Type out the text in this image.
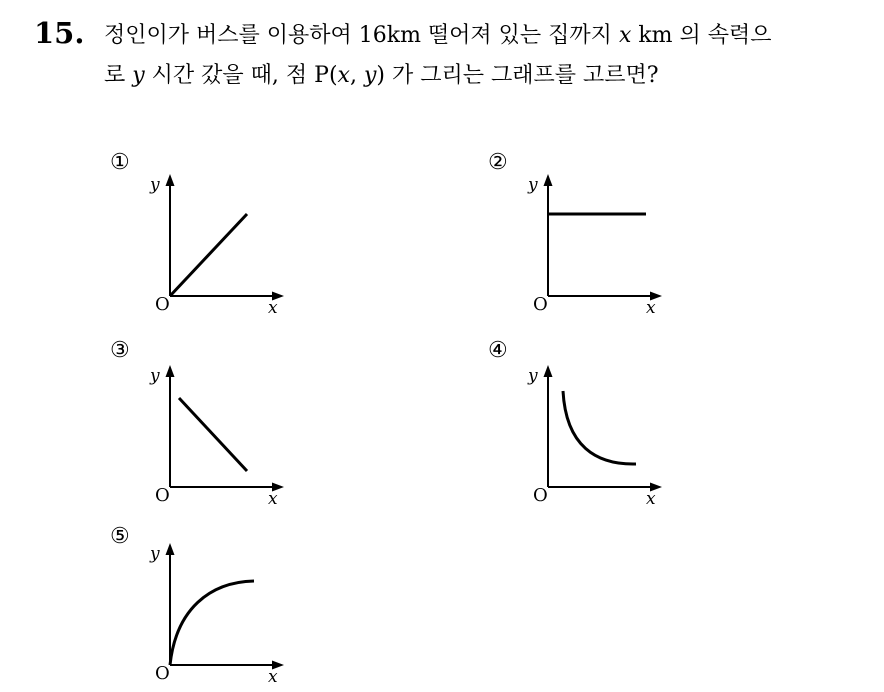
15. 정인이가 버스를 이용하여 16km 떨어져 있는 집까지 x km 의 속력으
로 y 시간 갔을 때, 점 P(x, y) 가 그리는 그래프를 고르면?
①
y
O	x
②
y
O	x
③
y
O	x
④
y
O	x
⑤
y
O	x
